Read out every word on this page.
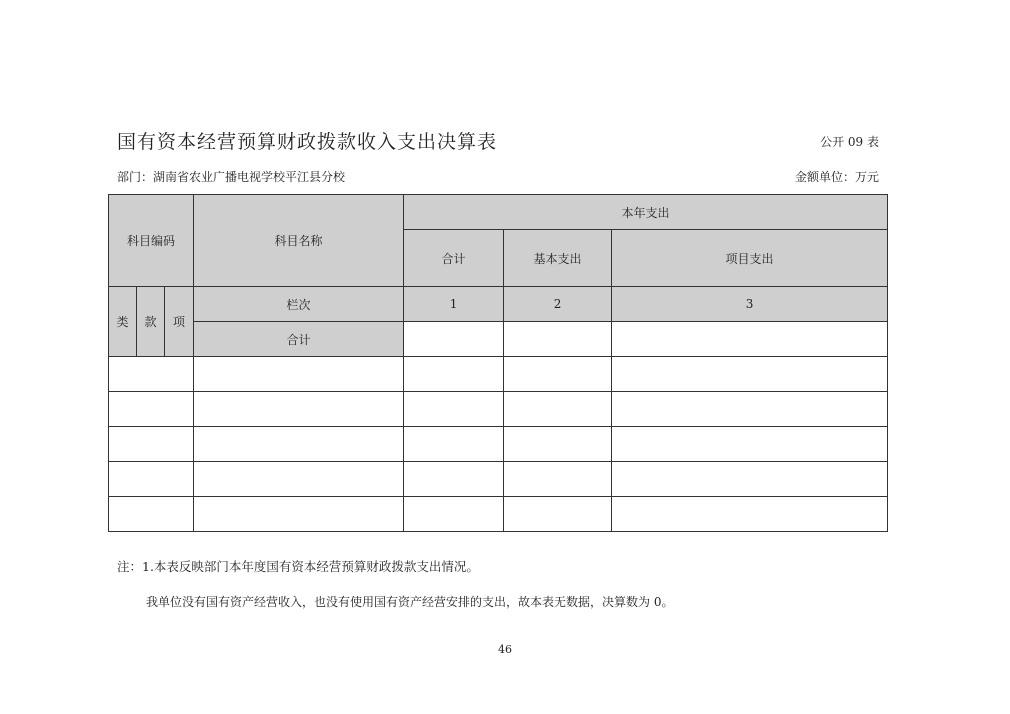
国有资本经营预算财政拨款收入支出决算表	公开 09 表
部门：湖南省农业广播电视学校平江县分校	金额单位：万元
科目编码			科目名称	本年支出		
				合计	基本支出	项目支出
类	款	项	栏次	1	2	3
			合计			

注：1.本表反映部门本年度国有资本经营预算财政拨款支出情况。
我单位没有国有资产经营收入，也没有使用国有资产经营安排的支出，故本表无数据，决算数为 0。
46
